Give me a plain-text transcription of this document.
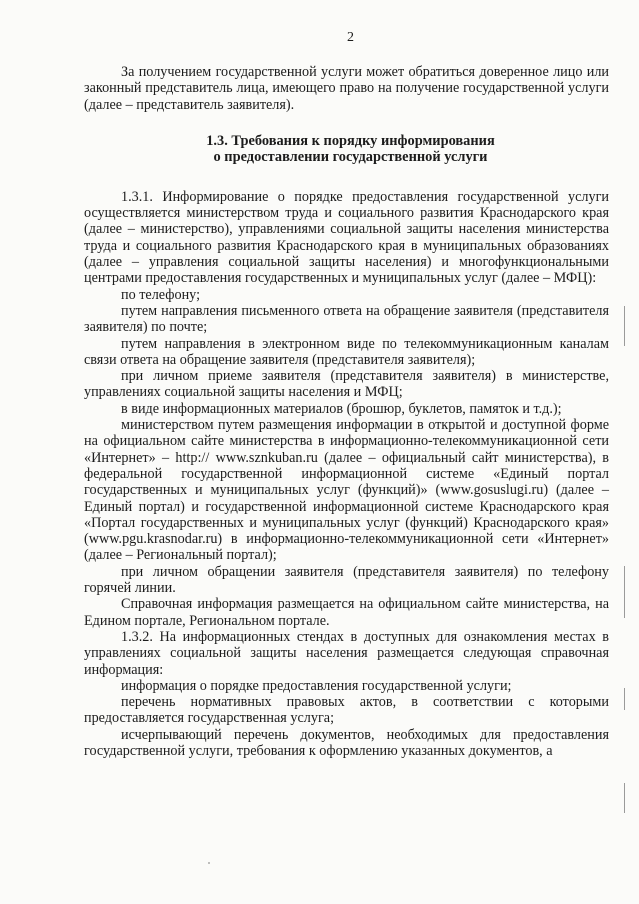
2

За получением государственной услуги может обратиться доверенное лицо или законный представитель лица, имеющего право на получение государственной услуги (далее – представитель заявителя).

1.3. Требования к порядку информирования
о предоставлении государственной услуги

1.3.1. Информирование о порядке предоставления государственной услуги осуществляется министерством труда и социального развития Краснодарского края (далее – министерство), управлениями социальной защиты населения министерства труда и социального развития Краснодарского края в муниципальных образованиях (далее – управления социальной защиты населения) и многофункциональными центрами предоставления государственных и муниципальных услуг (далее – МФЦ):

по телефону;

путем направления письменного ответа на обращение заявителя (представителя заявителя) по почте;

путем направления в электронном виде по телекоммуникационным каналам связи ответа на обращение заявителя (представителя заявителя);

при личном приеме заявителя (представителя заявителя) в министерстве, управлениях социальной защиты населения и МФЦ;

в виде информационных материалов (брошюр, буклетов, памяток и т.д.);

министерством путем размещения информации в открытой и доступной форме на официальном сайте министерства в информационно-телекоммуникационной сети «Интернет» – http:// www.sznkuban.ru (далее – официальный сайт министерства), в федеральной государственной информационной системе «Единый портал государственных и муниципальных услуг (функций)» (www.gosuslugi.ru) (далее – Единый портал) и государственной информационной системе Краснодарского края «Портал государственных и муниципальных услуг (функций) Краснодарского края» (www.pgu.krasnodar.ru) в информационно-телекоммуникационной сети «Интернет» (далее – Региональный портал);

при личном обращении заявителя (представителя заявителя) по телефону горячей линии.

Справочная информация размещается на официальном сайте министерства, на Едином портале, Региональном портале.

1.3.2. На информационных стендах в доступных для ознакомления местах в управлениях социальной защиты населения размещается следующая справочная информация:

информация о порядке предоставления государственной услуги;

перечень нормативных правовых актов, в соответствии с которыми предоставляется государственная услуга;

исчерпывающий перечень документов, необходимых для предоставления государственной услуги, требования к оформлению указанных документов, а
